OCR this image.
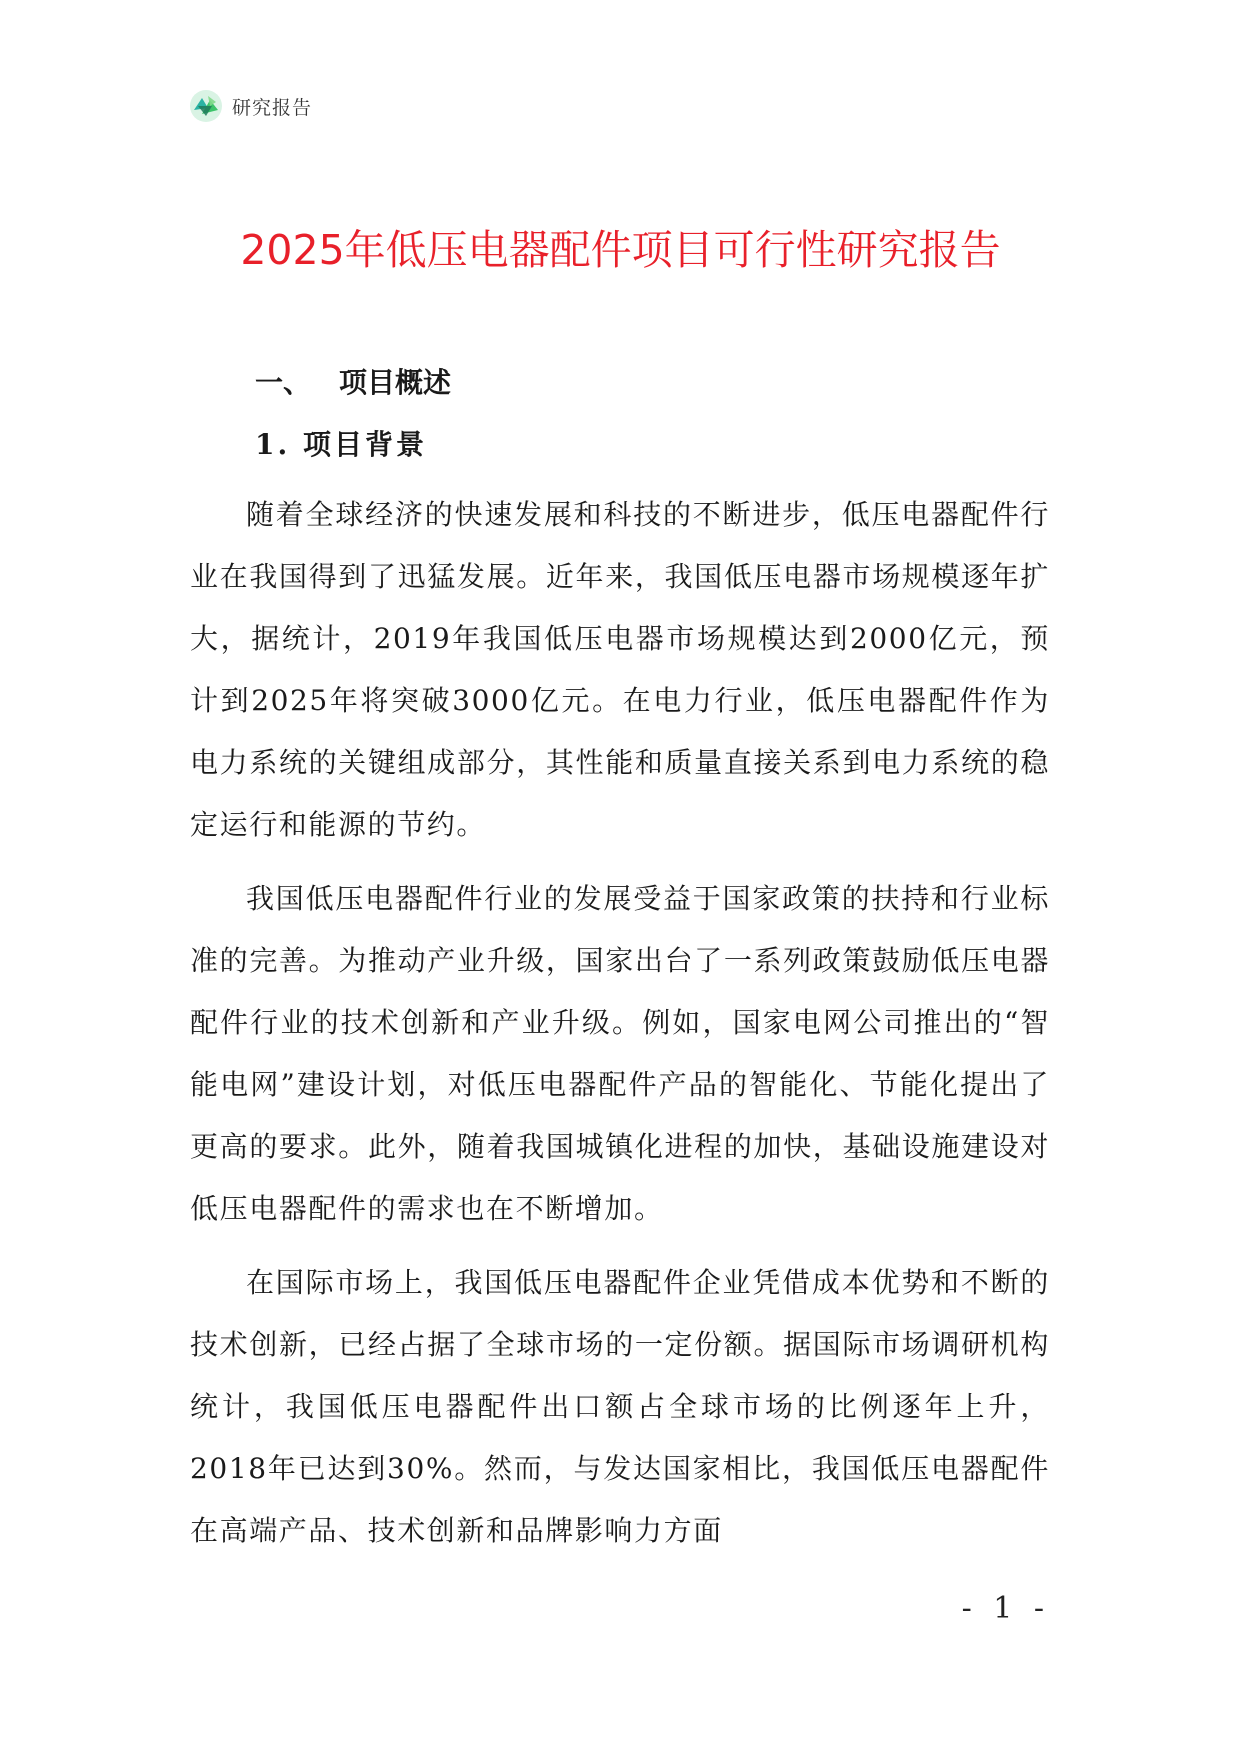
研究报告
2025年低压电器配件项目可行性研究报告
一、 项目概述
1. 项目背景

随着全球经济的快速发展和科技的不断进步，低压电器配件行业在我国得到了迅猛发展。近年来，我国低压电器市场规模逐年扩大，据统计，2019年我国低压电器市场规模达到2000亿元，预计到2025年将突破3000亿元。在电力行业，低压电器配件作为电力系统的关键组成部分，其性能和质量直接关系到电力系统的稳定运行和能源的节约。

我国低压电器配件行业的发展受益于国家政策的扶持和行业标准的完善。为推动产业升级，国家出台了一系列政策鼓励低压电器配件行业的技术创新和产业升级。例如，国家电网公司推出的“智能电网”建设计划，对低压电器配件产品的智能化、节能化提出了更高的要求。此外，随着我国城镇化进程的加快，基础设施建设对低压电器配件的需求也在不断增加。

在国际市场上，我国低压电器配件企业凭借成本优势和不断的技术创新，已经占据了全球市场的一定份额。据国际市场调研机构统计，我国低压电器配件出口额占全球市场的比例逐年上升，2018年已达到30%。然而，与发达国家相比，我国低压电器配件在高端产品、技术创新和品牌影响力方面

- 1 -
